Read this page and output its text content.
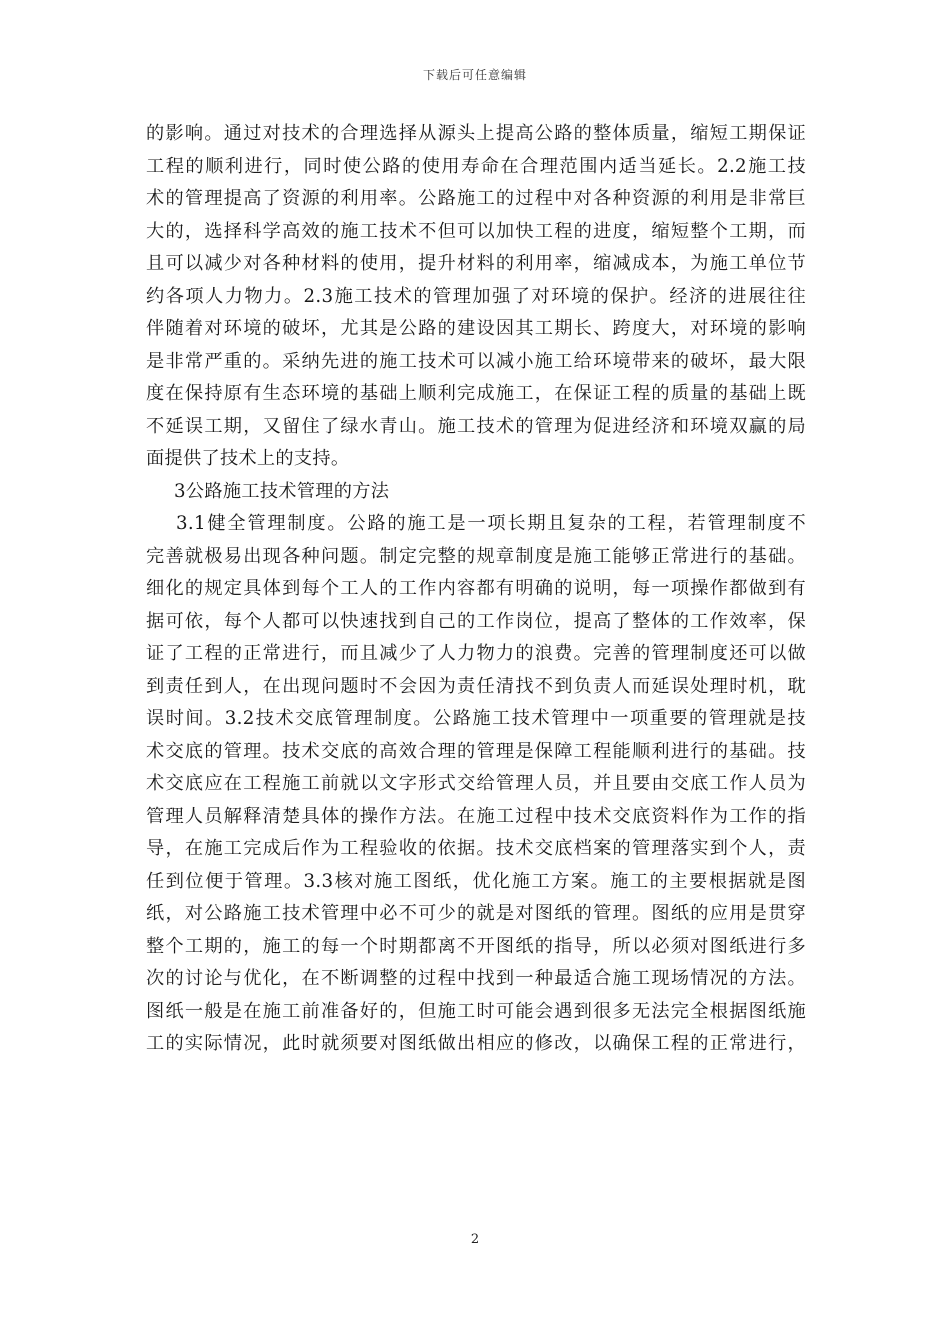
下载后可任意编辑
的影响。通过对技术的合理选择从源头上提高公路的整体质量，缩短工期保证
工程的顺利进行，同时使公路的使用寿命在合理范围内适当延长。2.2施工技
术的管理提高了资源的利用率。公路施工的过程中对各种资源的利用是非常巨
大的，选择科学高效的施工技术不但可以加快工程的进度，缩短整个工期，而
且可以减少对各种材料的使用，提升材料的利用率，缩减成本，为施工单位节
约各项人力物力。2.3施工技术的管理加强了对环境的保护。经济的进展往往
伴随着对环境的破坏，尤其是公路的建设因其工期长、跨度大，对环境的影响
是非常严重的。采纳先进的施工技术可以减小施工给环境带来的破坏，最大限
度在保持原有生态环境的基础上顺利完成施工，在保证工程的质量的基础上既
不延误工期，又留住了绿水青山。施工技术的管理为促进经济和环境双赢的局
面提供了技术上的支持。
3公路施工技术管理的方法
3.1健全管理制度。公路的施工是一项长期且复杂的工程，若管理制度不
完善就极易出现各种问题。制定完整的规章制度是施工能够正常进行的基础。
细化的规定具体到每个工人的工作内容都有明确的说明，每一项操作都做到有
据可依，每个人都可以快速找到自己的工作岗位，提高了整体的工作效率，保
证了工程的正常进行，而且减少了人力物力的浪费。完善的管理制度还可以做
到责任到人，在出现问题时不会因为责任清找不到负责人而延误处理时机，耽
误时间。3.2技术交底管理制度。公路施工技术管理中一项重要的管理就是技
术交底的管理。技术交底的高效合理的管理是保障工程能顺利进行的基础。技
术交底应在工程施工前就以文字形式交给管理人员，并且要由交底工作人员为
管理人员解释清楚具体的操作方法。在施工过程中技术交底资料作为工作的指
导，在施工完成后作为工程验收的依据。技术交底档案的管理落实到个人，责
任到位便于管理。3.3核对施工图纸，优化施工方案。施工的主要根据就是图
纸，对公路施工技术管理中必不可少的就是对图纸的管理。图纸的应用是贯穿
整个工期的，施工的每一个时期都离不开图纸的指导，所以必须对图纸进行多
次的讨论与优化，在不断调整的过程中找到一种最适合施工现场情况的方法。
图纸一般是在施工前准备好的，但施工时可能会遇到很多无法完全根据图纸施
工的实际情况，此时就须要对图纸做出相应的修改，以确保工程的正常进行，
2
